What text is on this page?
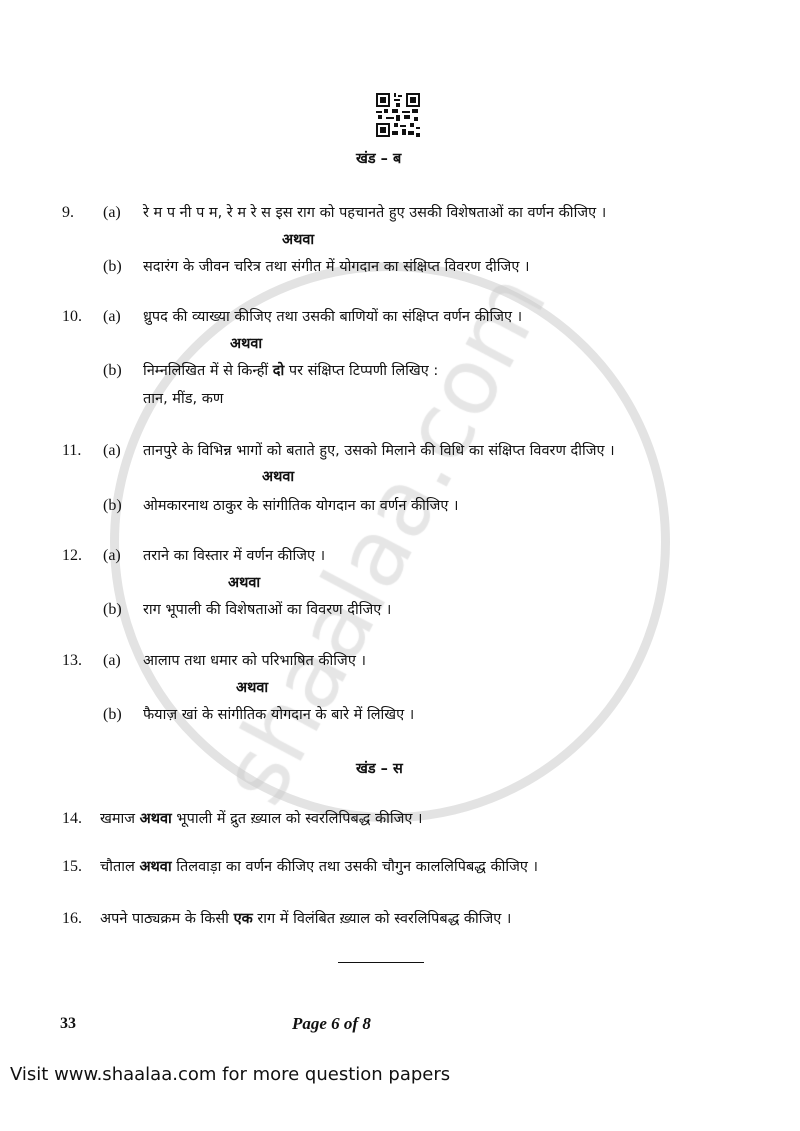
खंड – ब
9. (a) रे म प नी प म, रे म रे स इस राग को पहचानते हुए उसकी विशेषताओं का वर्णन कीजिए ।
अथवा
(b) सदारंग के जीवन चरित्र तथा संगीत में योगदान का संक्षिप्त विवरण दीजिए ।
10. (a) ध्रुपद की व्याख्या कीजिए तथा उसकी बाणियों का संक्षिप्त वर्णन कीजिए ।
अथवा
(b) निम्नलिखित में से किन्हीं दो पर संक्षिप्त टिप्पणी लिखिए :
तान, मींड, कण
11. (a) तानपुरे के विभिन्न भागों को बताते हुए, उसको मिलाने की विधि का संक्षिप्त विवरण दीजिए ।
अथवा
(b) ओमकारनाथ ठाकुर के सांगीतिक योगदान का वर्णन कीजिए ।
12. (a) तराने का विस्तार में वर्णन कीजिए ।
अथवा
(b) राग भूपाली की विशेषताओं का विवरण दीजिए ।
13. (a) आलाप तथा धमार को परिभाषित कीजिए ।
अथवा
(b) फैयाज़ खां के सांगीतिक योगदान के बारे में लिखिए ।
खंड – स
14. खमाज अथवा भूपाली में द्रुत ख़्याल को स्वरलिपिबद्ध कीजिए ।
15. चौताल अथवा तिलवाड़ा का वर्णन कीजिए तथा उसकी चौगुन काललिपिबद्ध कीजिए ।
16. अपने पाठ्यक्रम के किसी एक राग में विलंबित ख़्याल को स्वरलिपिबद्ध कीजिए ।
33	Page 6 of 8
Visit www.shaalaa.com for more question papers
